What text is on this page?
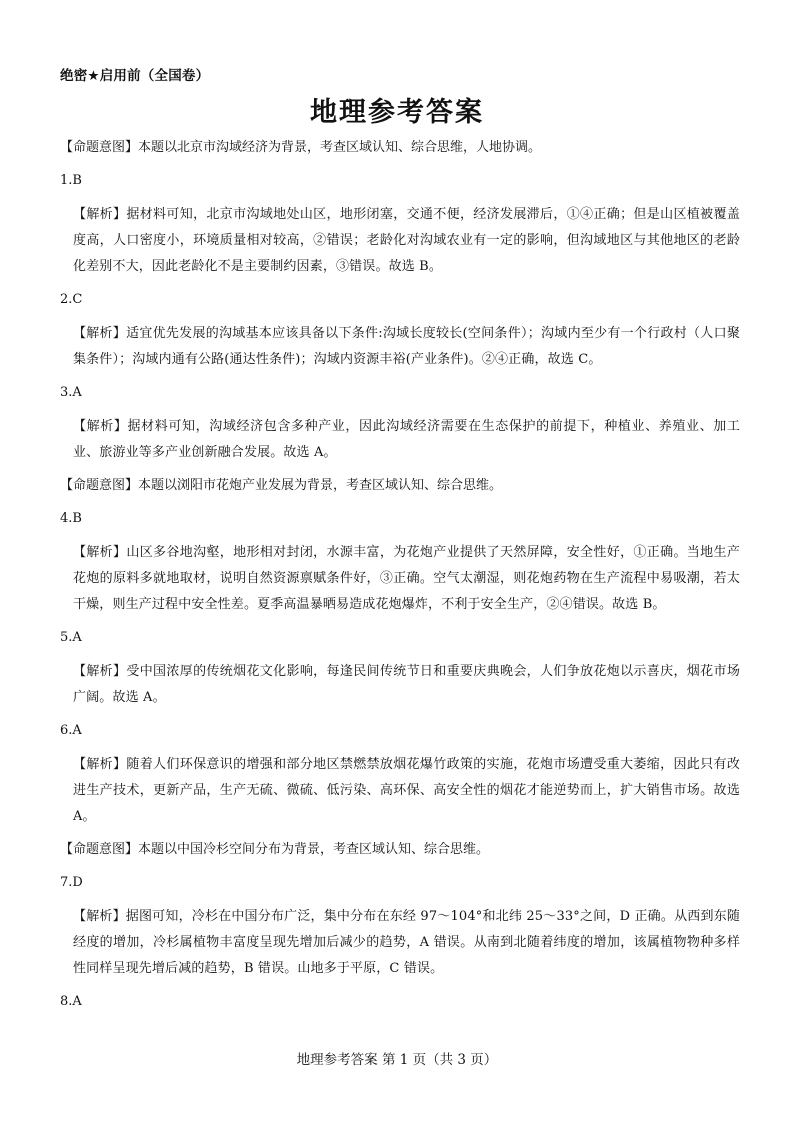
绝密★启用前（全国卷）
地理参考答案
【命题意图】本题以北京市沟域经济为背景，考查区域认知、综合思维，人地协调。
1.B
【解析】据材料可知，北京市沟域地处山区，地形闭塞，交通不便，经济发展滞后，①④正确；但是山区植被覆盖度高，人口密度小，环境质量相对较高，②错误；老龄化对沟域农业有一定的影响，但沟域地区与其他地区的老龄化差别不大，因此老龄化不是主要制约因素，③错误。故选 B。
2.C
【解析】适宜优先发展的沟域基本应该具备以下条件:沟域长度较长(空间条件）；沟域内至少有一个行政村（人口聚集条件）；沟域内通有公路(通达性条件)；沟域内资源丰裕(产业条件)。②④正确，故选 C。
3.A
【解析】据材料可知，沟域经济包含多种产业，因此沟域经济需要在生态保护的前提下，种植业、养殖业、加工业、旅游业等多产业创新融合发展。故选 A。
【命题意图】本题以浏阳市花炮产业发展为背景，考查区域认知、综合思维。
4.B
【解析】山区多谷地沟壑，地形相对封闭，水源丰富，为花炮产业提供了天然屏障，安全性好，①正确。当地生产花炮的原料多就地取材，说明自然资源禀赋条件好，③正确。空气太潮湿，则花炮药物在生产流程中易吸潮，若太干燥，则生产过程中安全性差。夏季高温暴晒易造成花炮爆炸，不利于安全生产，②④错误。故选 B。
5.A
【解析】受中国浓厚的传统烟花文化影响，每逢民间传统节日和重要庆典晚会，人们争放花炮以示喜庆，烟花市场广阔。故选 A。
6.A
【解析】随着人们环保意识的增强和部分地区禁燃禁放烟花爆竹政策的实施，花炮市场遭受重大萎缩，因此只有改进生产技术，更新产品，生产无硫、微硫、低污染、高环保、高安全性的烟花才能逆势而上，扩大销售市场。故选 A。
【命题意图】本题以中国冷杉空间分布为背景，考查区域认知、综合思维。
7.D
【解析】据图可知，冷杉在中国分布广泛，集中分布在东经 97～104°和北纬 25～33°之间，D 正确。从西到东随经度的增加，冷杉属植物丰富度呈现先增加后减少的趋势，A 错误。从南到北随着纬度的增加，该属植物物种多样性同样呈现先增后减的趋势，B 错误。山地多于平原，C 错误。
8.A
地理参考答案 第 1 页（共 3 页）
